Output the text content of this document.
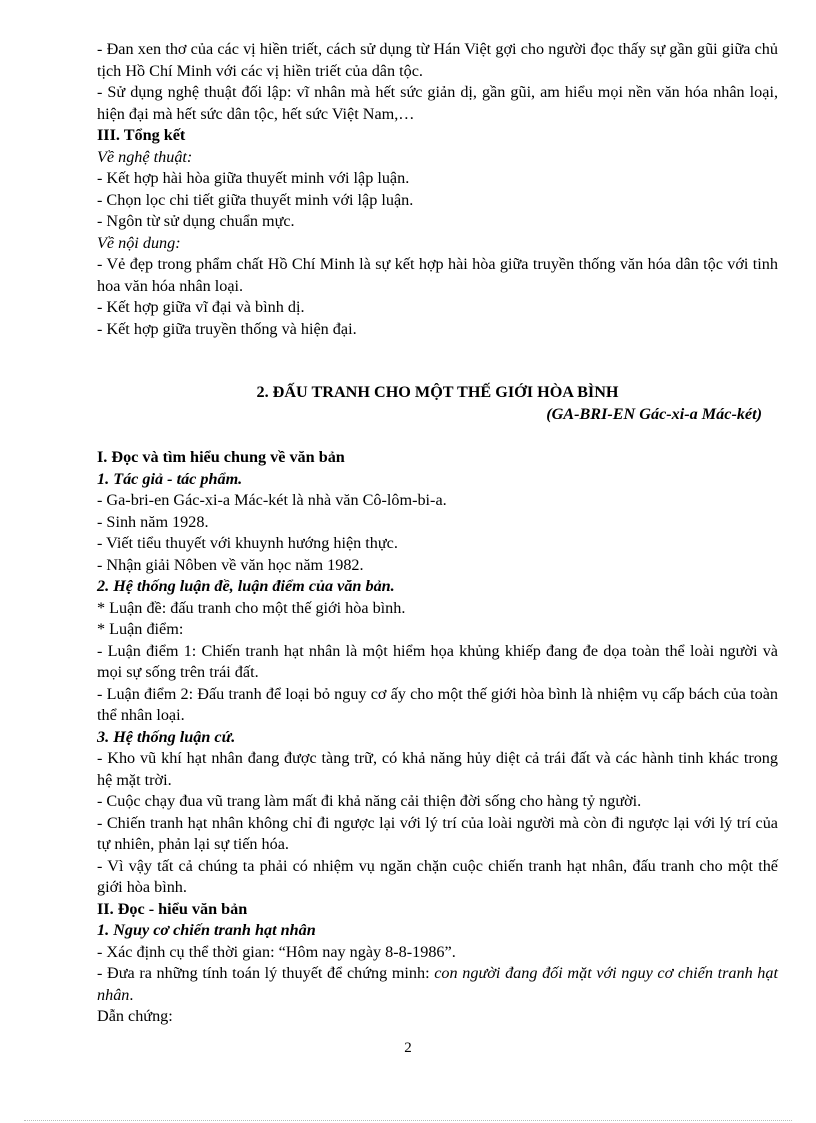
- Đan xen thơ của các vị hiền triết, cách sử dụng từ Hán Việt gợi cho người đọc thấy sự gần gũi giữa chủ tịch Hồ Chí Minh với các vị hiền triết của dân tộc.

- Sử dụng nghệ thuật đối lập: vĩ nhân mà hết sức giản dị, gần gũi, am hiểu mọi nền văn hóa nhân loại, hiện đại mà hết sức dân tộc, hết sức Việt Nam,…

III. Tổng kết

Về nghệ thuật:

- Kết hợp hài hòa giữa thuyết minh với lập luận.

- Chọn lọc chi tiết giữa thuyết minh với lập luận.

- Ngôn từ sử dụng chuẩn mực.

Về nội dung:

- Vẻ đẹp trong phẩm chất Hồ Chí Minh là sự kết hợp hài hòa giữa truyền thống văn hóa dân tộc với tinh hoa văn hóa nhân loại.

- Kết hợp giữa vĩ đại và bình dị.

- Kết hợp giữa truyền thống và hiện đại.

2. ĐẤU TRANH CHO MỘT THẾ GIỚI HÒA BÌNH

(GA-BRI-EN Gác-xi-a Mác-két)

I. Đọc và tìm hiểu chung về văn bản

1. Tác giả - tác phẩm.

- Ga-bri-en Gác-xi-a Mác-két là nhà văn Cô-lôm-bi-a.

- Sinh năm 1928.

- Viết tiểu thuyết với khuynh hướng hiện thực.

- Nhận giải Nôben về văn học năm 1982.

2. Hệ thống luận đề, luận điểm của văn bản.

* Luận đề: đấu tranh cho một thế giới hòa bình.

* Luận điểm:

- Luận điểm 1: Chiến tranh hạt nhân là một hiểm họa khủng khiếp đang đe dọa toàn thể loài người và mọi sự sống trên trái đất.

- Luận điểm 2: Đấu tranh để loại bỏ nguy cơ ấy cho một thế giới hòa bình là nhiệm vụ cấp bách của toàn thể nhân loại.

3. Hệ thống luận cứ.

- Kho vũ khí hạt nhân đang được tàng trữ, có khả năng hủy diệt cả trái đất và các hành tinh khác trong hệ mặt trời.

- Cuộc chạy đua vũ trang làm mất đi khả năng cải thiện đời sống cho hàng tỷ người.

- Chiến tranh hạt nhân không chỉ đi ngược lại với lý trí của loài người mà còn đi ngược lại với lý trí của tự nhiên, phản lại sự tiến hóa.

- Vì vậy tất cả chúng ta phải có nhiệm vụ ngăn chặn cuộc chiến tranh hạt nhân, đấu tranh cho một thế giới hòa bình.

II. Đọc - hiểu văn bản

1. Nguy cơ chiến tranh hạt nhân

- Xác định cụ thể thời gian: “Hôm nay ngày 8-8-1986”.

- Đưa ra những tính toán lý thuyết để chứng minh: con người đang đối mặt với nguy cơ chiến tranh hạt nhân.

Dẫn chứng:

2
